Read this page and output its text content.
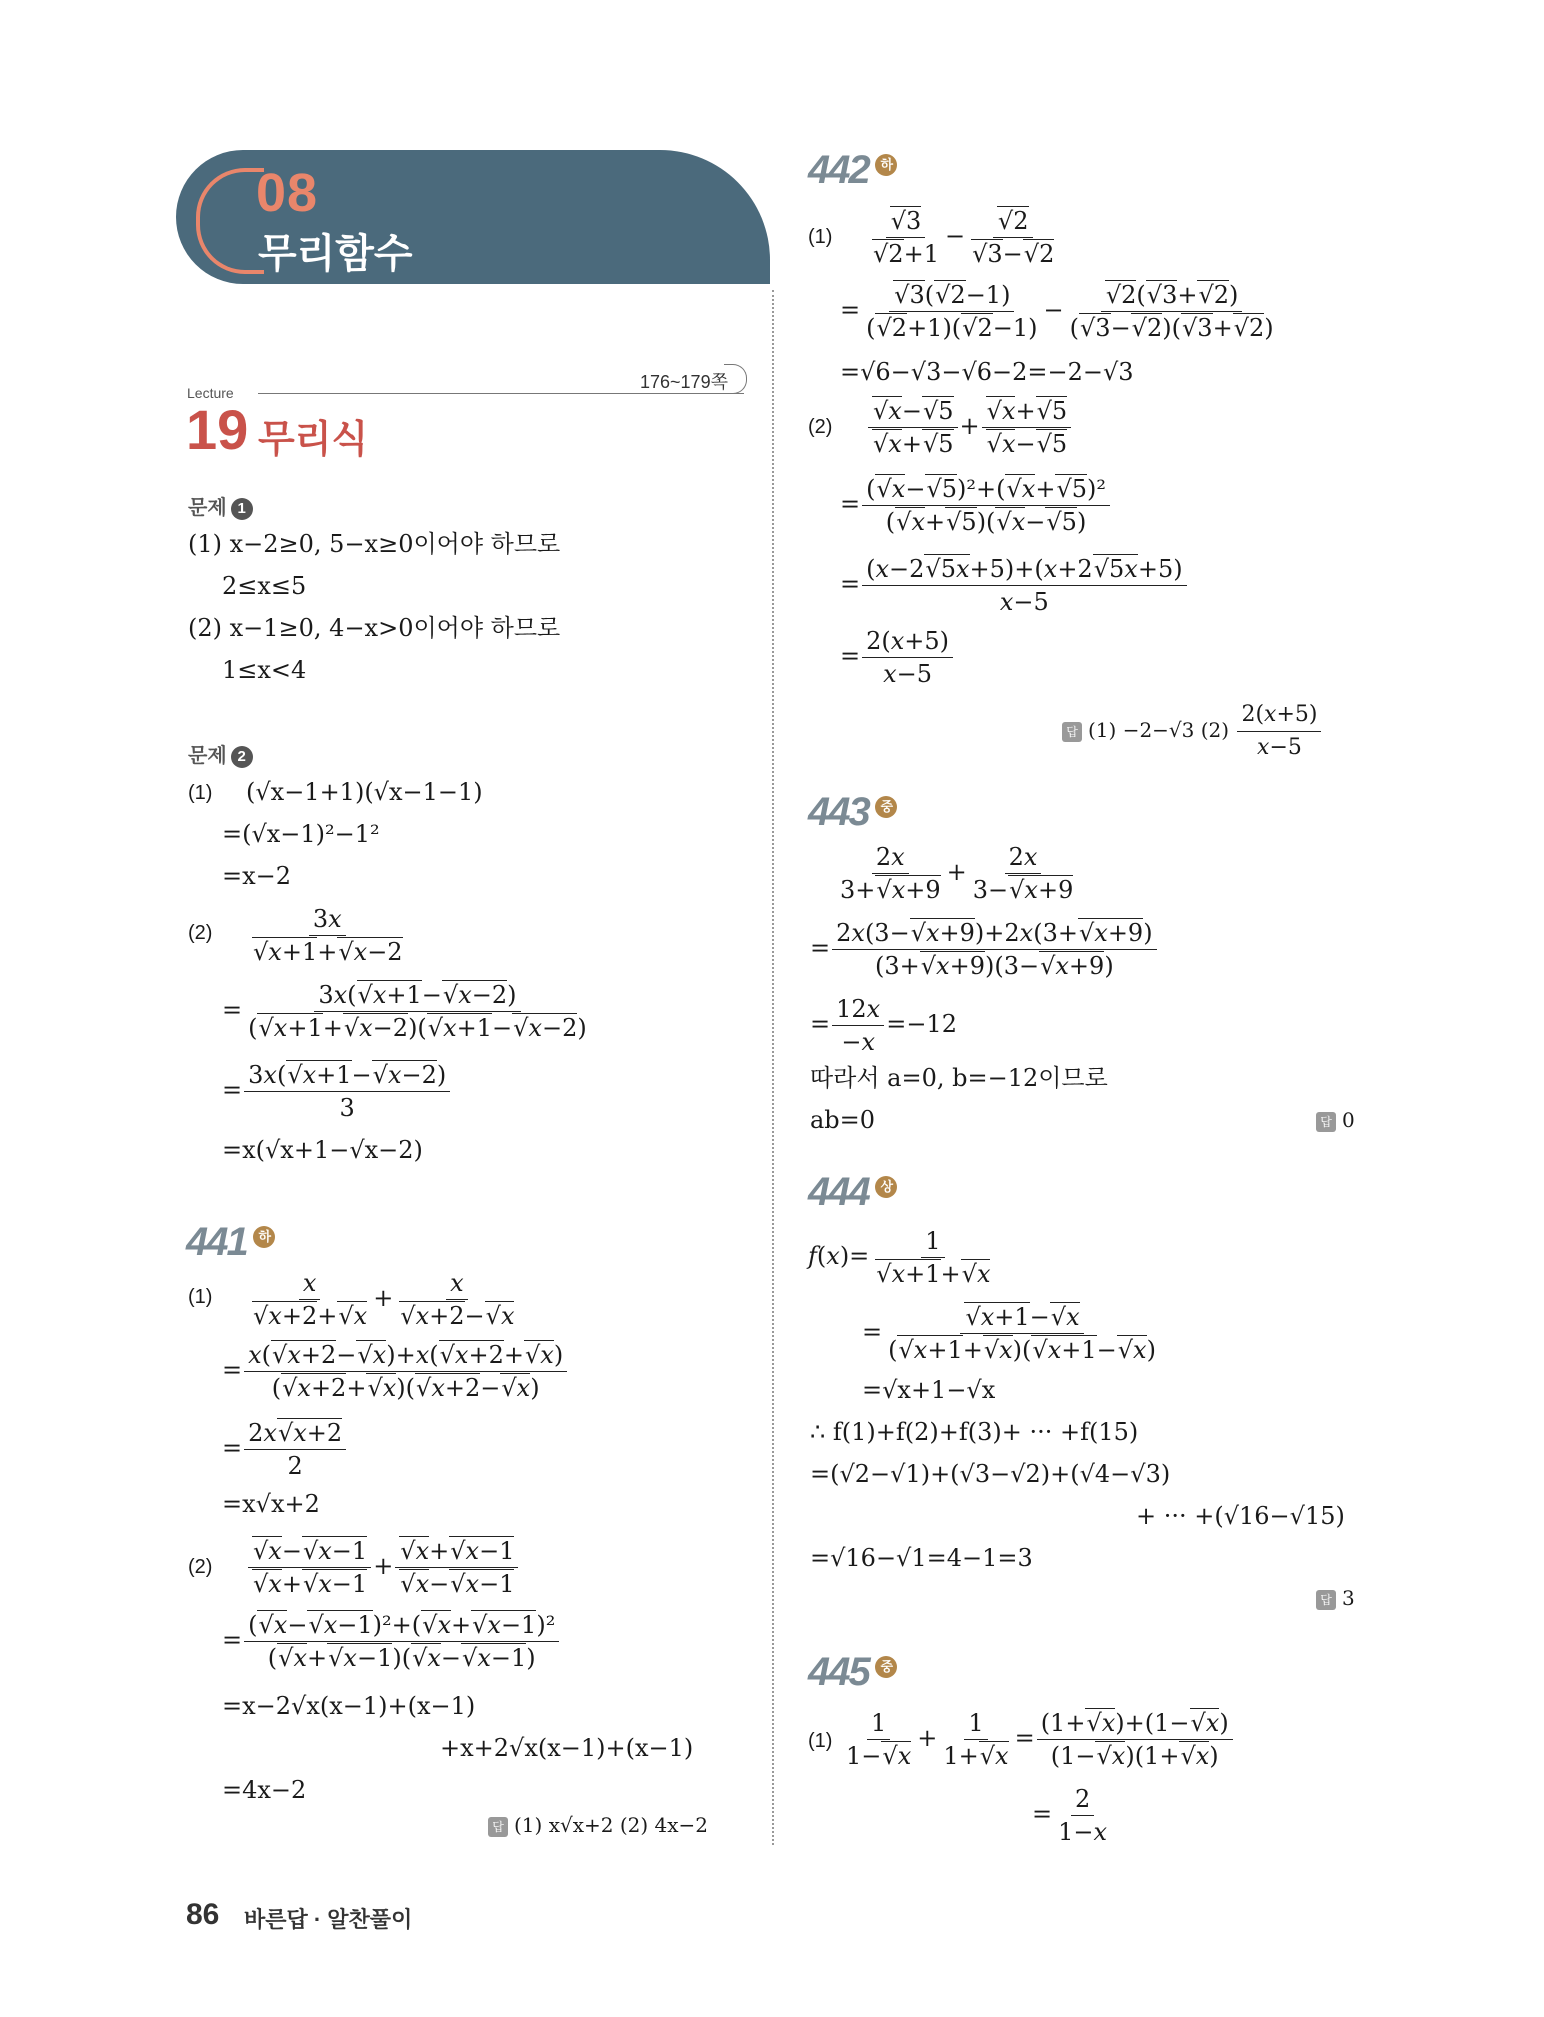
08
무리함수
Lecture
19 무리식
176~179쪽
문제 1
(1) x−2≥0, 5−x≥0이어야 하므로
2≤x≤5
(2) x−1≥0, 4−x>0이어야 하므로
1≤x<4
문제 2
(1) (√x−1+1)(√x−1−1)
=(√x−1)²−1²
=x−2
(2) 3x
√ x+1+ √ x−2
= $\frac{3x( √ x+1- √ x-2)}{( √ x+1+ √ x-2)( √ x+1- √ x-2)}$
= $\frac{3x( √ x+1- √ x-2)}{3}$
=x(√x+1−√x−2)
441 하
(1) x
√ x+2+ √ x + x
√ x+2− √ x
= $\frac{x( √ x+2- √ x)+x( √ x+2+ √ x)}{( √ x+2+ √ x)( √ x+2- √ x)}$
= $\frac{2x √ x+2}{2}$
=x√x+2
(2) √ x− √ x−1
√ x+ √ x−1 + √ x+ √ x−1
√ x− √ x−1
= $\frac{\text{( √ x− √ x−1)²+( √ x+ √ x−1)²}}{( √ x+ √ x-1)( √ x- √ x-1)}$
=x−2√x(x−1)+(x−1)
+x+2√x(x−1)+(x−1)
=4x−2
답 (1) x√x+2 (2) 4x−2
442 하
(1) √ 3
√ 2+1 − √ 2
√ 3− √ 2
= √ $\frac{3( √ 2-1)}{( √ 2+1)( √ 2-1)}$ − √ $\frac{2( √ 3+ √ 2)}{( √ 3- √ 2)( √ 3+ √ 2)}$
=√6−√3−√6−2=−2−√3
(2) √ x− √ 5
√ x+ √ 5 + √ x+ √ 5
√ x− √ 5
= $\frac{\text{( √ x− √ 5)²+( √ x+ √ 5)²}}{( √ x+ √ 5)( √ x- √ 5)}$
= $\frac{(x-2 √ 5x+5)+(x+2 √ 5x+5)}{x-5}$
= $\frac{2(x+5)}{x-5}$
답 (1) −2−√3 $(2) \frac{2(x+5)}{x-5}$
443 중
$\frac{2x}{3+ √ x+9} + \frac{2x}{3- √ x+9}$
= $\frac{2x(3- √ x+9)+2x(3+ √ x+9)}{(3+ √ x+9)(3- √ x+9)}$
= $\frac{12x}{-x} =-12$
따라서 a=0, b=−12이므로
ab=0	답 0
444 상
f(x)= 1
√ x+1+ √ x
= √ $\frac{x+1- √ x}{( √ x+1+ √ x)( √ x+1- √ x)}$
=√x+1−√x
∴ f(1)+f(2)+f(3)+ ··· +f(15)
=(√2−√1)+(√3−√2)+(√4−√3)
+ ··· +(√16−√15)
=√16−√1=4−1=3
답 3
445 중
$(1) \frac{1}{1- √ x} + \frac{1}{1+ √ x} = \frac{(1+ √ x)+(1- √ x)}{(1- √ x)(1+ √ x)}$
= $\frac{2}{1-x}$
86 바른답 · 알찬풀이
